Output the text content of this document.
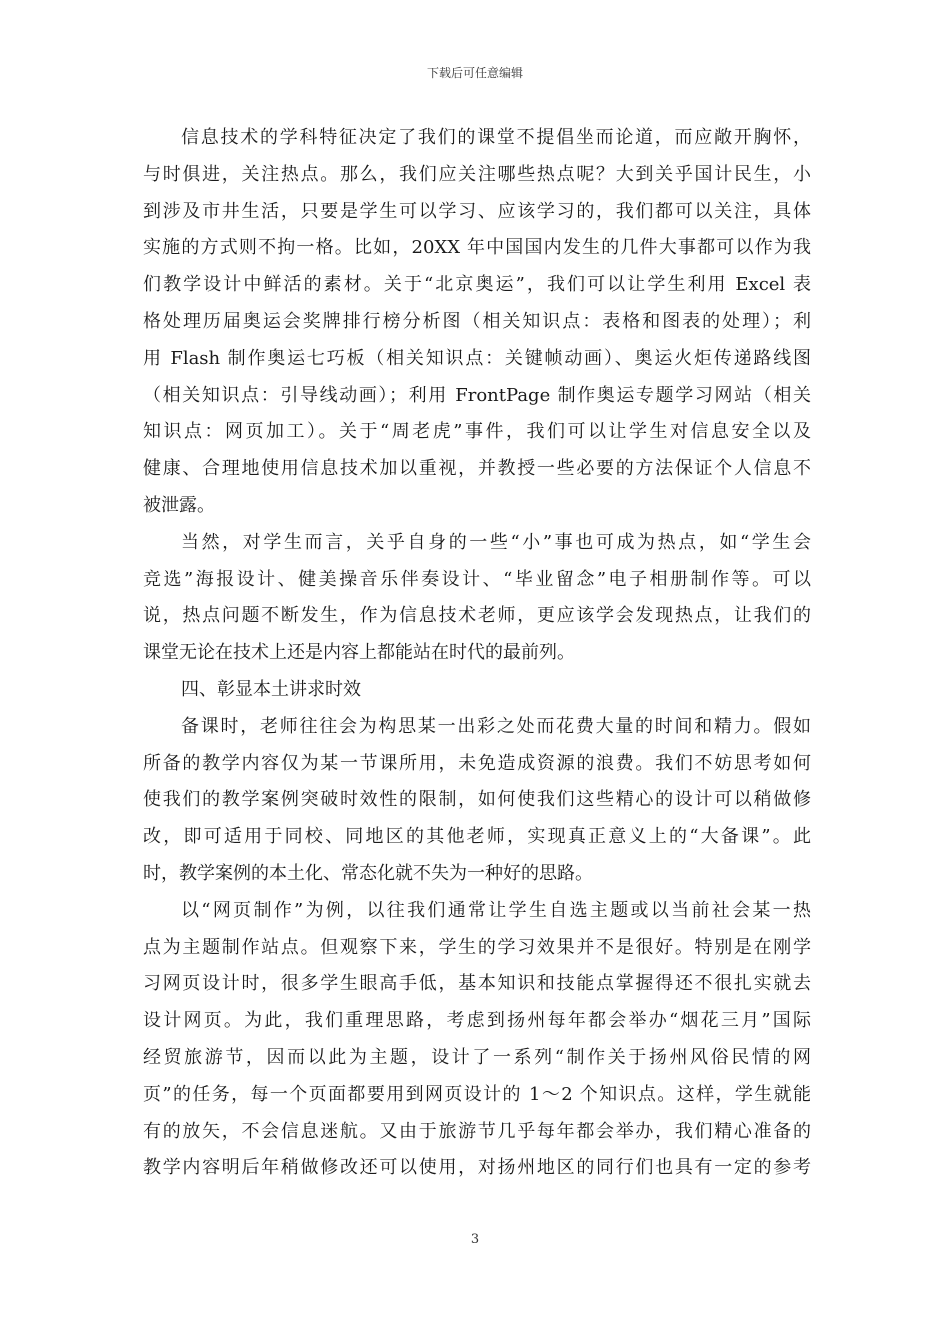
下载后可任意编辑
信息技术的学科特征决定了我们的课堂不提倡坐而论道，而应敞开胸怀，
与时俱进，关注热点。那么，我们应关注哪些热点呢？大到关乎国计民生，小
到涉及市井生活，只要是学生可以学习、应该学习的，我们都可以关注，具体
实施的方式则不拘一格。比如，20XX 年中国国内发生的几件大事都可以作为我
们教学设计中鲜活的素材。关于“北京奥运”，我们可以让学生利用 Excel 表
格处理历届奥运会奖牌排行榜分析图（相关知识点：表格和图表的处理）；利
用 Flash 制作奥运七巧板（相关知识点：关键帧动画）、奥运火炬传递路线图
（相关知识点：引导线动画）；利用 FrontPage 制作奥运专题学习网站（相关
知识点：网页加工）。关于“周老虎”事件，我们可以让学生对信息安全以及
健康、合理地使用信息技术加以重视，并教授一些必要的方法保证个人信息不
被泄露。
当然，对学生而言，关乎自身的一些“小”事也可成为热点，如“学生会
竞选”海报设计、健美操音乐伴奏设计、“毕业留念”电子相册制作等。可以
说，热点问题不断发生，作为信息技术老师，更应该学会发现热点，让我们的
课堂无论在技术上还是内容上都能站在时代的最前列。
四、彰显本土讲求时效
备课时，老师往往会为构思某一出彩之处而花费大量的时间和精力。假如
所备的教学内容仅为某一节课所用，未免造成资源的浪费。我们不妨思考如何
使我们的教学案例突破时效性的限制，如何使我们这些精心的设计可以稍做修
改，即可适用于同校、同地区的其他老师，实现真正意义上的“大备课”。此
时，教学案例的本土化、常态化就不失为一种好的思路。
以“网页制作”为例，以往我们通常让学生自选主题或以当前社会某一热
点为主题制作站点。但观察下来，学生的学习效果并不是很好。特别是在刚学
习网页设计时，很多学生眼高手低，基本知识和技能点掌握得还不很扎实就去
设计网页。为此，我们重理思路，考虑到扬州每年都会举办“烟花三月”国际
经贸旅游节，因而以此为主题，设计了一系列“制作关于扬州风俗民情的网
页”的任务，每一个页面都要用到网页设计的 1～2 个知识点。这样，学生就能
有的放矢，不会信息迷航。又由于旅游节几乎每年都会举办，我们精心准备的
教学内容明后年稍做修改还可以使用，对扬州地区的同行们也具有一定的参考
3
